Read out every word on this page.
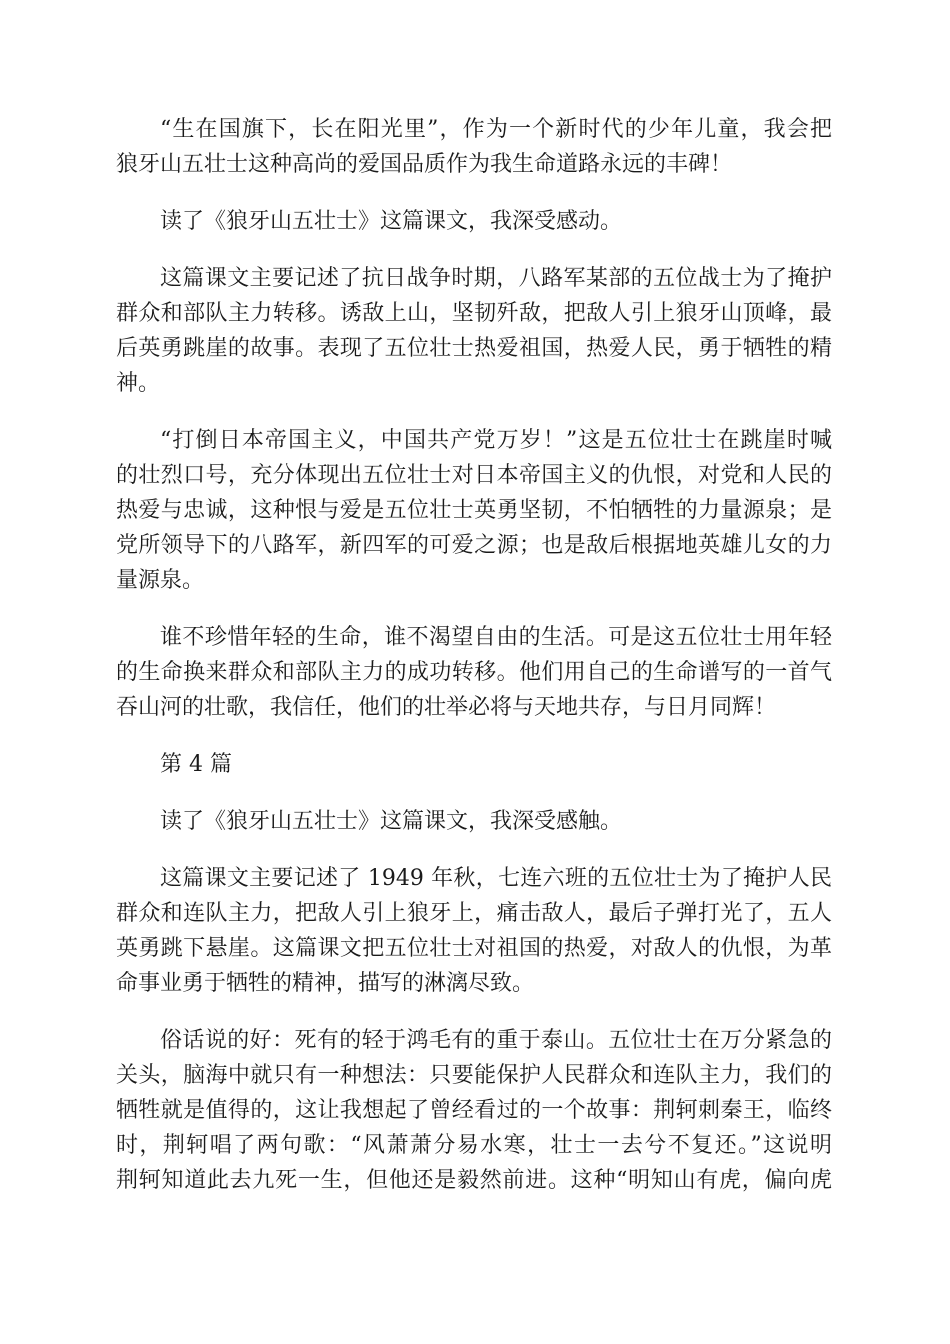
“生在国旗下，长在阳光里”，作为一个新时代的少年儿童，我会把
狼牙山五壮士这种高尚的爱国品质作为我生命道路永远的丰碑！
读了《狼牙山五壮士》这篇课文，我深受感动。
这篇课文主要记述了抗日战争时期，八路军某部的五位战士为了掩护
群众和部队主力转移。诱敌上山，坚韧歼敌，把敌人引上狼牙山顶峰，最
后英勇跳崖的故事。表现了五位壮士热爱祖国，热爱人民，勇于牺牲的精
神。
“打倒日本帝国主义，中国共产党万岁！”这是五位壮士在跳崖时喊
的壮烈口号，充分体现出五位壮士对日本帝国主义的仇恨，对党和人民的
热爱与忠诚，这种恨与爱是五位壮士英勇坚韧，不怕牺牲的力量源泉；是
党所领导下的八路军，新四军的可爱之源；也是敌后根据地英雄儿女的力
量源泉。
谁不珍惜年轻的生命，谁不渴望自由的生活。可是这五位壮士用年轻
的生命换来群众和部队主力的成功转移。他们用自己的生命谱写的一首气
吞山河的壮歌，我信任，他们的壮举必将与天地共存，与日月同辉！
第 4 篇
读了《狼牙山五壮士》这篇课文，我深受感触。
这篇课文主要记述了 1949 年秋，七连六班的五位壮士为了掩护人民
群众和连队主力，把敌人引上狼牙上，痛击敌人，最后子弹打光了，五人
英勇跳下悬崖。这篇课文把五位壮士对祖国的热爱，对敌人的仇恨，为革
命事业勇于牺牲的精神，描写的淋漓尽致。
俗话说的好：死有的轻于鸿毛有的重于泰山。五位壮士在万分紧急的
关头，脑海中就只有一种想法：只要能保护人民群众和连队主力，我们的
牺牲就是值得的，这让我想起了曾经看过的一个故事：荆轲刺秦王，临终
时，荆轲唱了两句歌：“风萧萧分易水寒，壮士一去兮不复还。”这说明
荆轲知道此去九死一生，但他还是毅然前进。这种“明知山有虎，偏向虎
